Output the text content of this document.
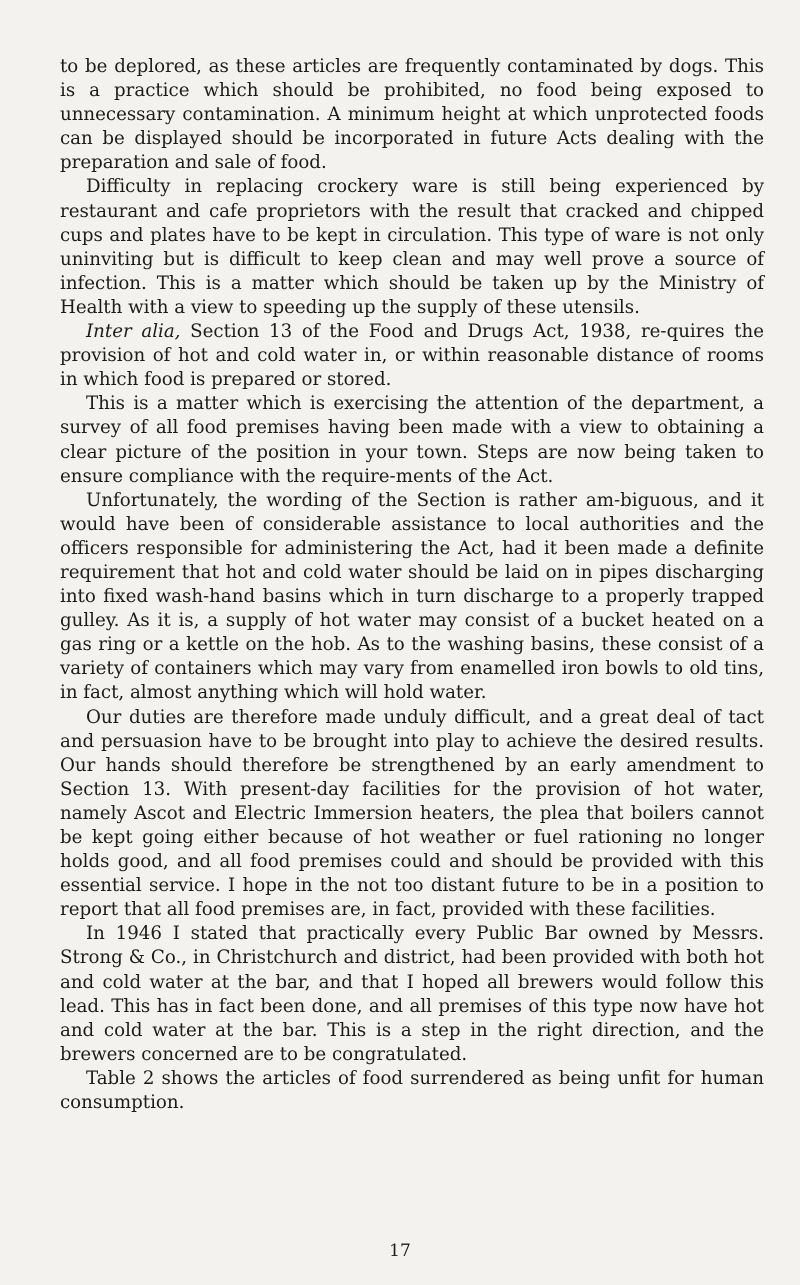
to be deplored, as these articles are frequently contaminated by dogs. This is a practice which should be prohibited, no food being exposed to unnecessary contamination. A minimum height at which unprotected foods can be displayed should be incorporated in future Acts dealing with the preparation and sale of food.

Difficulty in replacing crockery ware is still being experienced by restaurant and cafe proprietors with the result that cracked and chipped cups and plates have to be kept in circulation. This type of ware is not only uninviting but is difficult to keep clean and may well prove a source of infection. This is a matter which should be taken up by the Ministry of Health with a view to speeding up the supply of these utensils.

Inter alia, Section 13 of the Food and Drugs Act, 1938, re-quires the provision of hot and cold water in, or within reasonable distance of rooms in which food is prepared or stored.

This is a matter which is exercising the attention of the department, a survey of all food premises having been made with a view to obtaining a clear picture of the position in your town. Steps are now being taken to ensure compliance with the require-ments of the Act.

Unfortunately, the wording of the Section is rather am-biguous, and it would have been of considerable assistance to local authorities and the officers responsible for administering the Act, had it been made a definite requirement that hot and cold water should be laid on in pipes discharging into fixed wash-hand basins which in turn discharge to a properly trapped gulley. As it is, a supply of hot water may consist of a bucket heated on a gas ring or a kettle on the hob. As to the washing basins, these consist of a variety of containers which may vary from enamelled iron bowls to old tins, in fact, almost anything which will hold water.

Our duties are therefore made unduly difficult, and a great deal of tact and persuasion have to be brought into play to achieve the desired results. Our hands should therefore be strengthened by an early amendment to Section 13. With present-day facilities for the provision of hot water, namely Ascot and Electric Immersion heaters, the plea that boilers cannot be kept going either because of hot weather or fuel rationing no longer holds good, and all food premises could and should be provided with this essential service. I hope in the not too distant future to be in a position to report that all food premises are, in fact, provided with these facilities.

In 1946 I stated that practically every Public Bar owned by Messrs. Strong & Co., in Christchurch and district, had been provided with both hot and cold water at the bar, and that I hoped all brewers would follow this lead. This has in fact been done, and all premises of this type now have hot and cold water at the bar. This is a step in the right direction, and the brewers concerned are to be congratulated.

Table 2 shows the articles of food surrendered as being unfit for human consumption.

17
